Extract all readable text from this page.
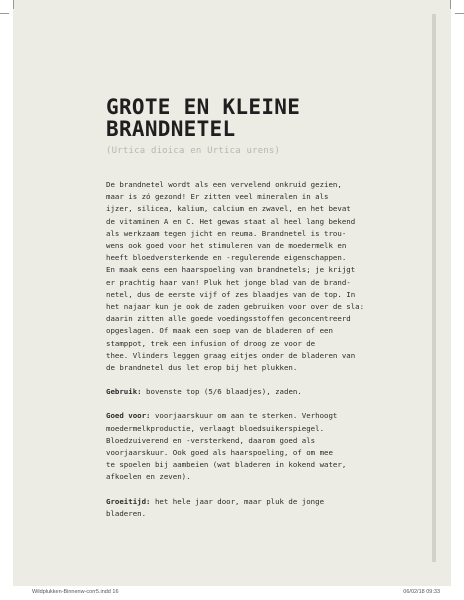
GROTE EN KLEINE
BRANDNETEL
(Urtica dioica en Urtica urens)

De brandnetel wordt als een vervelend onkruid gezien,
maar is zó gezond! Er zitten veel mineralen in als
ijzer, silicea, kalium, calcium en zwavel, en het bevat
de vitaminen A en C. Het gewas staat al heel lang bekend
als werkzaam tegen jicht en reuma. Brandnetel is trou-
wens ook goed voor het stimuleren van de moedermelk en
heeft bloedversterkende en -regulerende eigenschappen.
En maak eens een haarspoeling van brandnetels; je krijgt
er prachtig haar van! Pluk het jonge blad van de brand-
netel, dus de eerste vijf of zes blaadjes van de top. In
het najaar kun je ook de zaden gebruiken voor over de sla:
daarin zitten alle goede voedingsstoffen geconcentreerd
opgeslagen. Of maak een soep van de bladeren of een
stamppot, trek een infusion of droog ze voor de
thee. Vlinders leggen graag eitjes onder de bladeren van
de brandnetel dus let erop bij het plukken.

Gebruik: bovenste top (5/6 blaadjes), zaden.

Goed voor: voorjaarskuur om aan te sterken. Verhoogt
moedermelkproductie, verlaagt bloedsuikerspiegel.
Bloedzuiverend en -versterkend, daarom goed als
voorjaarskuur. Ook goed als haarspoeling, of om mee
te spoelen bij aambeien (wat bladeren in kokend water,
afkoelen en zeven).

Groeitijd: het hele jaar door, maar pluk de jonge
bladeren.

Wildplukken-Binnenw-corr5.indd 16	06/02/18 09:33
